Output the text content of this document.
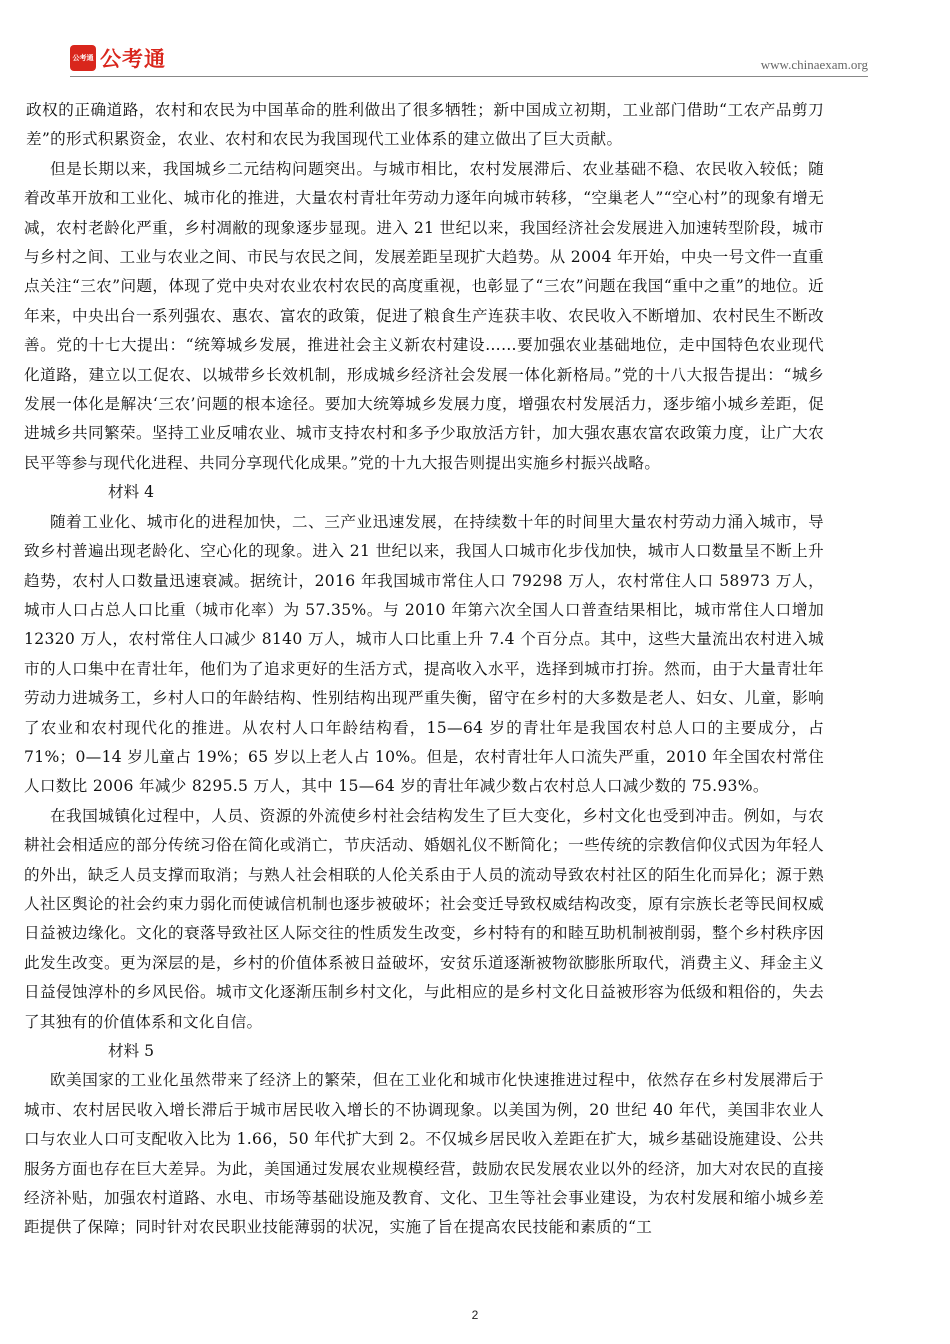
公考通 公考通	www.chinaexam.org

政权的正确道路，农村和农民为中国革命的胜利做出了很多牺牲；新中国成立初期，工业部门借助“工农产品剪刀差”的形式积累资金，农业、农村和农民为我国现代工业体系的建立做出了巨大贡献。

但是长期以来，我国城乡二元结构问题突出。与城市相比，农村发展滞后、农业基础不稳、农民收入较低；随着改革开放和工业化、城市化的推进，大量农村青壮年劳动力逐年向城市转移，“空巢老人”“空心村”的现象有增无减，农村老龄化严重，乡村凋敝的现象逐步显现。进入 21 世纪以来，我国经济社会发展进入加速转型阶段，城市与乡村之间、工业与农业之间、市民与农民之间，发展差距呈现扩大趋势。从 2004 年开始，中央一号文件一直重点关注“三农”问题，体现了党中央对农业农村农民的高度重视，也彰显了“三农”问题在我国“重中之重”的地位。近年来，中央出台一系列强农、惠农、富农的政策，促进了粮食生产连获丰收、农民收入不断增加、农村民生不断改善。党的十七大提出：“统筹城乡发展，推进社会主义新农村建设……要加强农业基础地位，走中国特色农业现代化道路，建立以工促农、以城带乡长效机制，形成城乡经济社会发展一体化新格局。”党的十八大报告提出：“城乡发展一体化是解决‘三农’问题的根本途径。要加大统筹城乡发展力度，增强农村发展活力，逐步缩小城乡差距，促进城乡共同繁荣。坚持工业反哺农业、城市支持农村和多予少取放活方针，加大强农惠农富农政策力度，让广大农民平等参与现代化进程、共同分享现代化成果。”党的十九大报告则提出实施乡村振兴战略。

材料 4

随着工业化、城市化的进程加快，二、三产业迅速发展，在持续数十年的时间里大量农村劳动力涌入城市，导致乡村普遍出现老龄化、空心化的现象。进入 21 世纪以来，我国人口城市化步伐加快，城市人口数量呈不断上升趋势，农村人口数量迅速衰减。据统计，2016 年我国城市常住人口 79298 万人，农村常住人口 58973 万人，城市人口占总人口比重（城市化率）为 57.35%。与 2010 年第六次全国人口普查结果相比，城市常住人口增加 12320 万人，农村常住人口减少 8140 万人，城市人口比重上升 7.4 个百分点。其中，这些大量流出农村进入城市的人口集中在青壮年，他们为了追求更好的生活方式，提高收入水平，选择到城市打拚。然而，由于大量青壮年劳动力进城务工，乡村人口的年龄结构、性别结构出现严重失衡，留守在乡村的大多数是老人、妇女、儿童，影响了农业和农村现代化的推进。从农村人口年龄结构看，15—64 岁的青壮年是我国农村总人口的主要成分，占 71%；0—14 岁儿童占 19%；65 岁以上老人占 10%。但是，农村青壮年人口流失严重，2010 年全国农村常住人口数比 2006 年减少 8295.5 万人，其中 15—64 岁的青壮年减少数占农村总人口减少数的 75.93%。

在我国城镇化过程中，人员、资源的外流使乡村社会结构发生了巨大变化，乡村文化也受到冲击。例如，与农耕社会相适应的部分传统习俗在简化或消亡，节庆活动、婚姻礼仪不断简化；一些传统的宗教信仰仪式因为年轻人的外出，缺乏人员支撑而取消；与熟人社会相联的人伦关系由于人员的流动导致农村社区的陌生化而异化；源于熟人社区舆论的社会约束力弱化而使诚信机制也逐步被破坏；社会变迁导致权威结构改变，原有宗族长老等民间权威日益被边缘化。文化的衰落导致社区人际交往的性质发生改变，乡村特有的和睦互助机制被削弱，整个乡村秩序因此发生改变。更为深层的是，乡村的价值体系被日益破坏，安贫乐道逐渐被物欲膨胀所取代，消费主义、拜金主义日益侵蚀淳朴的乡风民俗。城市文化逐渐压制乡村文化，与此相应的是乡村文化日益被形容为低级和粗俗的，失去了其独有的价值体系和文化自信。

材料 5

欧美国家的工业化虽然带来了经济上的繁荣，但在工业化和城市化快速推进过程中，依然存在乡村发展滞后于城市、农村居民收入增长滞后于城市居民收入增长的不协调现象。以美国为例，20 世纪 40 年代，美国非农业人口与农业人口可支配收入比为 1.66，50 年代扩大到 2。不仅城乡居民收入差距在扩大，城乡基础设施建设、公共服务方面也存在巨大差异。为此，美国通过发展农业规模经营，鼓励农民发展农业以外的经济，加大对农民的直接经济补贴，加强农村道路、水电、市场等基础设施及教育、文化、卫生等社会事业建设，为农村发展和缩小城乡差距提供了保障；同时针对农民职业技能薄弱的状况，实施了旨在提高农民技能和素质的“工

2
